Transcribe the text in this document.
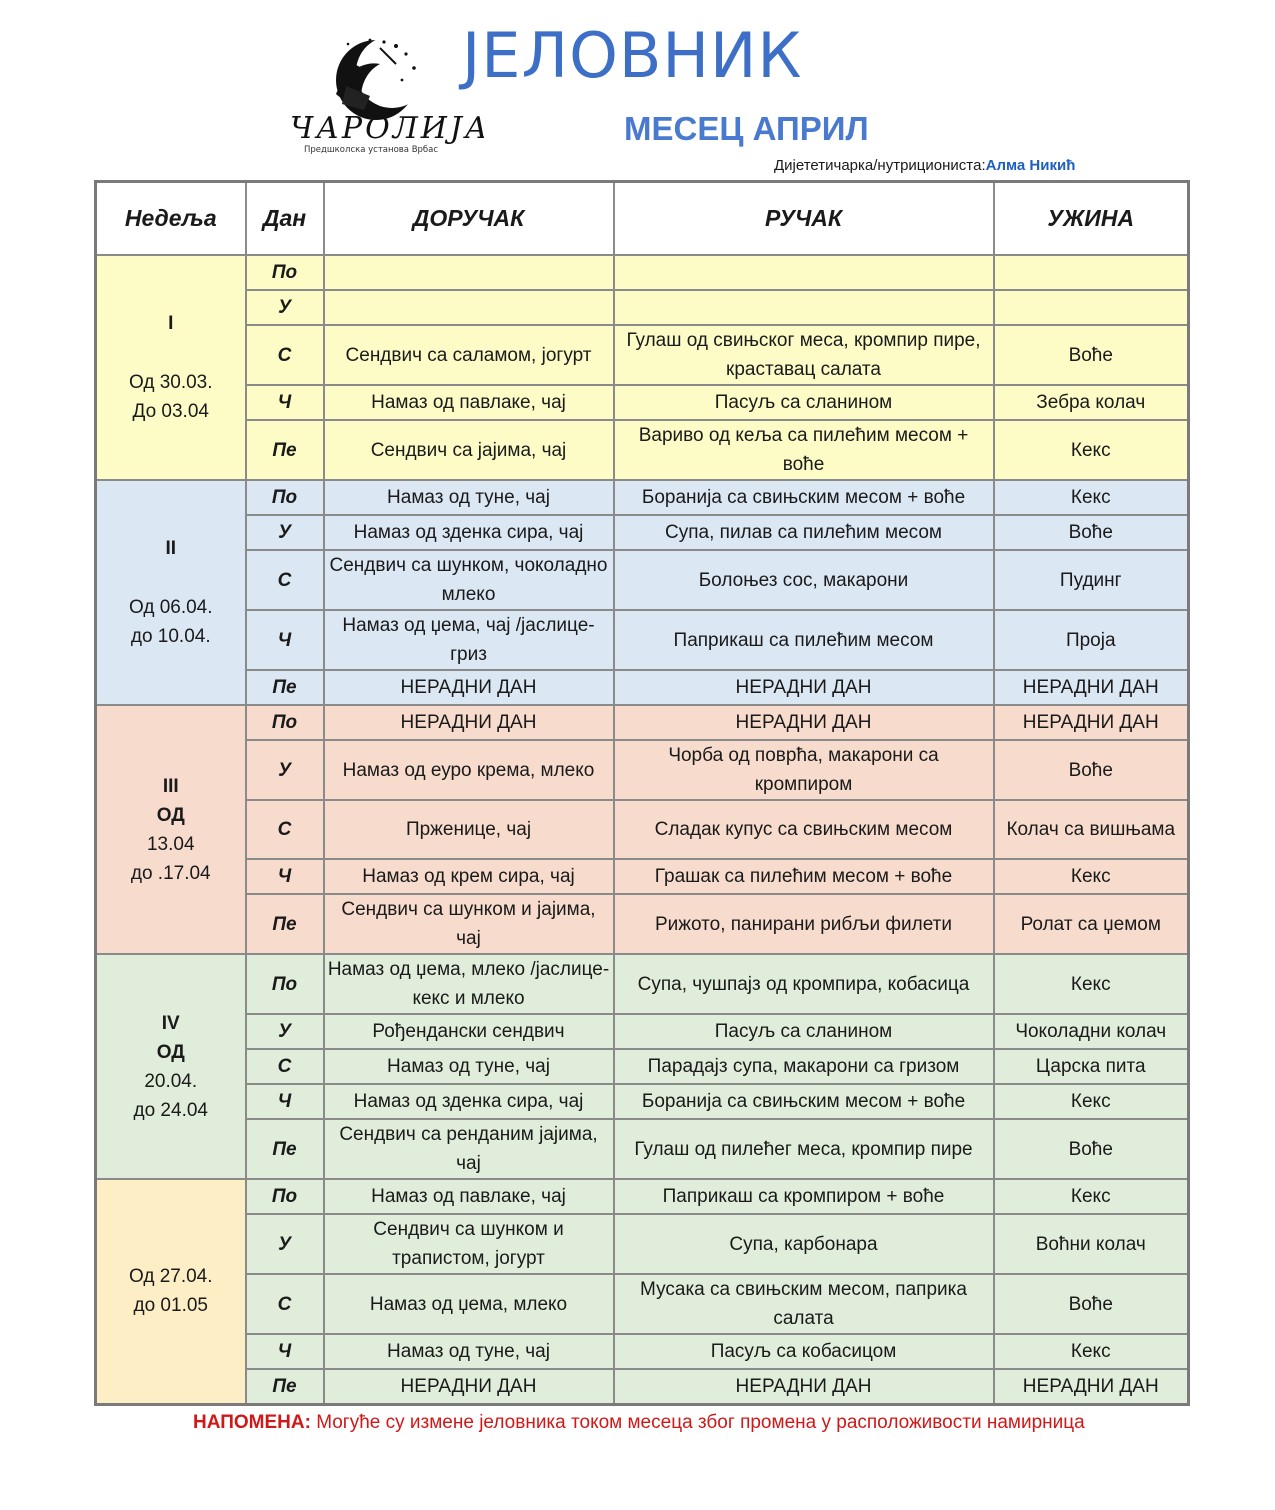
ЧАРОЛИЈА
Предшколска установа Врбас
ЈЕЛОВНИК
МЕСЕЦ АПРИЛ
Дијететичарка/нутриционистa:Алма Никић
Недеља	Дан	ДОРУЧАК	РУЧАК	УЖИНА

I
Од 30.03.
До 03.04	По			
	У			
	С	Сендвич са саламом, јогурт	Гулаш од свињског меса, кромпир пире, краставац салата	Воће
	Ч	Намаз од павлаке, чај	Пасуљ са сланином	Зебра колач
	Пе	Сендвич са јајима, чај	Вариво од кеља са пилећим месом + воће	Кекс

II
Од 06.04.
до 10.04.	По	Намаз од туне, чај	Боранија са свињским месом + воће	Кекс
	У	Намаз од зденка сира, чај	Супа, пилав са пилећим месом	Воће
	С	Сендвич са шунком, чоколадно млеко	Болоњез сос, макарони	Пудинг
	Ч	Намаз од џема, чај /јаслице- гриз	Паприкаш са пилећим месом	Проја
	Пе	НЕРАДНИ ДАН	НЕРАДНИ ДАН	НЕРАДНИ ДАН

III
ОД
13.04
до .17.04	По	НЕРАДНИ ДАН	НЕРАДНИ ДАН	НЕРАДНИ ДАН
	У	Намаз од еуро крема, млеко	Чорба од поврћа, макарони са кромпиром	Воће
	С	Прженице, чај	Сладак купус са свињским месом	Колач са вишњама
	Ч	Намаз од крем сира, чај	Грашак са пилећим месом + воће	Кекс
	Пе	Сендвич са шунком и јајима, чај	Рижото, панирани рибљи филети	Ролат са џемом

IV
ОД
20.04.
до 24.04	По	Намаз од џема, млеко /јаслице- кекс и млеко	Супа, чушпајз од кромпира, кобасица	Кекс
	У	Рођендански сендвич	Пасуљ са сланином	Чоколадни колач
	С	Намаз од туне, чај	Парадајз супа, макарони са гризом	Царска пита
	Ч	Намаз од зденка сира, чај	Боранија са свињским месом + воће	Кекс
	Пе	Сендвич са ренданим јајима, чај	Гулаш од пилећег меса, кромпир пире	Воће

Од 27.04.
до 01.05	По	Намаз од павлаке, чај	Паприкаш са кромпиром + воће	Кекс
	У	Сендвич са шунком и трапистом, јогурт	Супа, карбонара	Воћни колач
	С	Намаз од џема, млеко	Мусака са свињским месом, паприка салата	Воће
	Ч	Намаз од туне, чај	Пасуљ са кобасицом	Кекс
	Пе	НЕРАДНИ ДАН	НЕРАДНИ ДАН	НЕРАДНИ ДАН
НАПОМЕНА: Могуће су измене јеловника током месеца због промена у расположивости намирница
